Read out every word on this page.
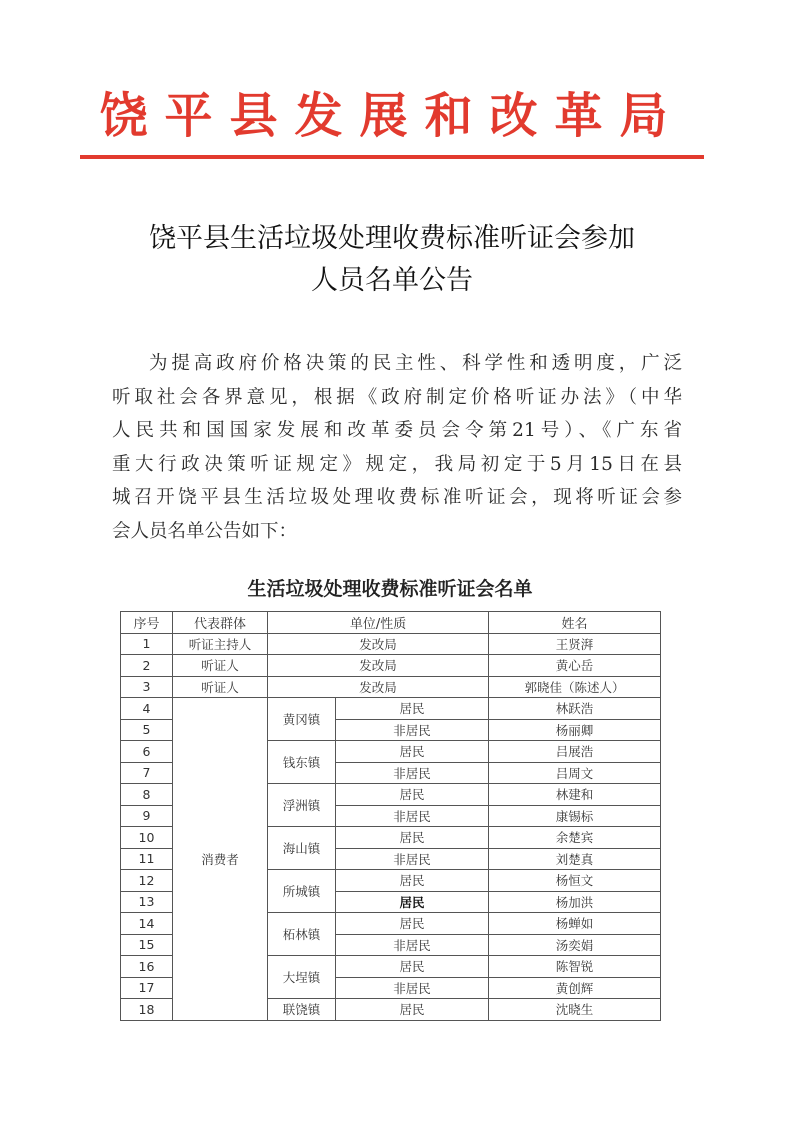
饶平县发展和改革局
饶平县生活垃圾处理收费标准听证会参加
人员名单公告
为提高政府价格决策的民主性、科学性和透明度，广泛
听取社会各界意见，根据《政府制定价格听证办法》（中华
人民共和国国家发展和改革委员会令第21号）、《广东省
重大行政决策听证规定》规定，我局初定于5月15日在县
城召开饶平县生活垃圾处理收费标准听证会，现将听证会参
会人员名单公告如下：
生活垃圾处理收费标准听证会名单
序号	代表群体	单位/性质		姓名
1	听证主持人	发改局		王贤湃
2	听证人	发改局		黄心岳
3	听证人	发改局		郭晓佳（陈述人）
4	消费者	黄冈镇	居民	林跃浩
5			非居民	杨丽卿
6		钱东镇	居民	吕展浩
7			非居民	吕周文
8		浮洲镇	居民	林建和
9			非居民	康锡标
10		海山镇	居民	余楚宾
11			非居民	刘楚真
12		所城镇	居民	杨恒文
13			居民	杨加洪
14		柘林镇	居民	杨蝉如
15			非居民	汤奕娟
16		大埕镇	居民	陈智锐
17			非居民	黄创辉
18		联饶镇	居民	沈晓生
